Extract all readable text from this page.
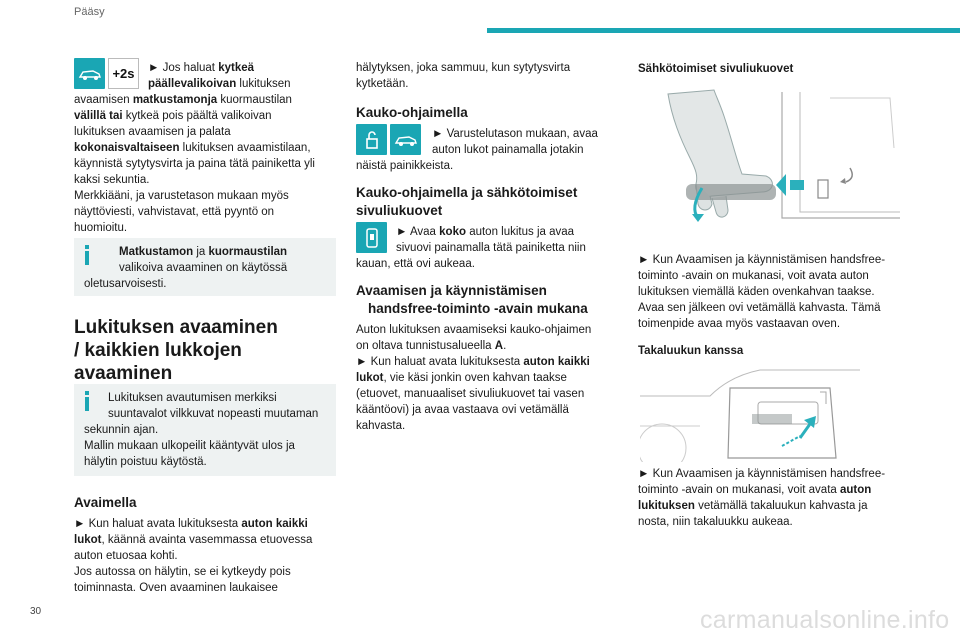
Pääsy
+2s	► Jos haluat kytkeä
päällevalikoivan lukituksen
avaamisen matkustamonja kuormaustilan
välillä tai kytkeä pois päältä valikoivan
lukituksen avaamisen ja palata
kokonaisvaltaiseen lukituksen avaamistilaan,
käynnistä sytytysvirta ja paina tätä painiketta yli
kaksi sekuntia.
Merkkiääni, ja varustetason mukaan myös
näyttöviesti, vahvistavat, että pyyntö on
huomioitu.
Matkustamon ja kuormaustilan
valikoiva avaaminen on käytössä
oletusarvoisesti.
Lukituksen avaaminen
/ kaikkien lukkojen
avaaminen
Lukituksen avautumisen merkiksi
suuntavalot vilkkuvat nopeasti muutaman
sekunnin ajan.
Mallin mukaan ulkopeilit kääntyvät ulos ja
hälytin poistuu käytöstä.
Avaimella
► Kun haluat avata lukituksesta auton kaikki
lukot, käännä avainta vasemmassa etuovessa
auton etuosaa kohti.
Jos autossa on hälytin, se ei kytkeydy pois
toiminnasta. Oven avaaminen laukaisee
hälytyksen, joka sammuu, kun sytytysvirta
kytketään.
Kauko-ohjaimella
► Varustelutason mukaan, avaa
auton lukot painamalla jotakin
näistä painikkeista.
Kauko-ohjaimella ja sähkötoimiset
sivuliukuovet
► Avaa koko auton lukitus ja avaa
sivuovi painamalla tätä painiketta niin
kauan, että ovi aukeaa.
Avaamisen ja käynnistämisen
handsfree-toiminto -avain mukana
Auton lukituksen avaamiseksi kauko-ohjaimen
on oltava tunnistusalueella A.
► Kun haluat avata lukituksesta auton kaikki
lukot, vie käsi jonkin oven kahvan taakse
(etuovet, manuaaliset sivuliukuovet tai vasen
kääntöovi) ja avaa vastaava ovi vetämällä
kahvasta.
Sähkötoimiset sivuliukuovet
► Kun Avaamisen ja käynnistämisen handsfree-
toiminto -avain on mukanasi, voit avata auton
lukituksen viemällä käden ovenkahvan taakse.
Avaa sen jälkeen ovi vetämällä kahvasta. Tämä
toimenpide avaa myös vastaavan oven.
Takaluukun kanssa
► Kun Avaamisen ja käynnistämisen handsfree-
toiminto -avain on mukanasi, voit avata auton
lukituksen vetämällä takaluukun kahvasta ja
nosta, niin takaluukku aukeaa.
30	carmanualsonline.info
